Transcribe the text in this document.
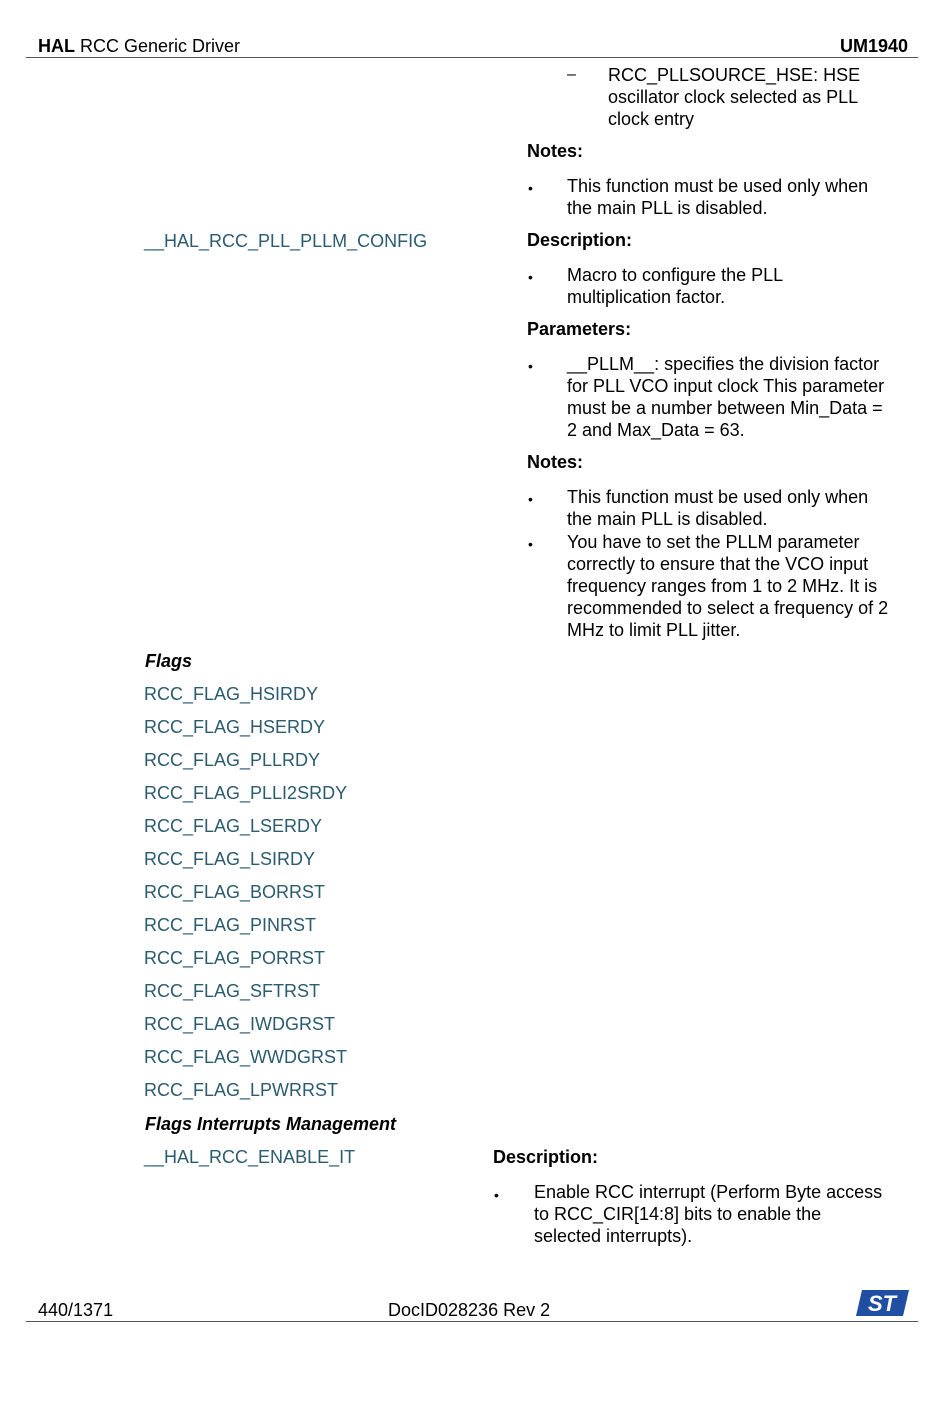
HAL RCC Generic Driver	UM1940
– RCC_PLLSOURCE_HSE: HSE
oscillator clock selected as PLL
clock entry
Notes:
• This function must be used only when
the main PLL is disabled.
__HAL_RCC_PLL_PLLM_CONFIG	Description:
• Macro to configure the PLL
multiplication factor.
Parameters:
• __PLLM__: specifies the division factor
for PLL VCO input clock This parameter
must be a number between Min_Data =
2 and Max_Data = 63.
Notes:
• This function must be used only when
the main PLL is disabled.
• You have to set the PLLM parameter
correctly to ensure that the VCO input
frequency ranges from 1 to 2 MHz. It is
recommended to select a frequency of 2
MHz to limit PLL jitter.
Flags
RCC_FLAG_HSIRDY
RCC_FLAG_HSERDY
RCC_FLAG_PLLRDY
RCC_FLAG_PLLI2SRDY
RCC_FLAG_LSERDY
RCC_FLAG_LSIRDY
RCC_FLAG_BORRST
RCC_FLAG_PINRST
RCC_FLAG_PORRST
RCC_FLAG_SFTRST
RCC_FLAG_IWDGRST
RCC_FLAG_WWDGRST
RCC_FLAG_LPWRRST
Flags Interrupts Management
__HAL_RCC_ENABLE_IT	Description:
• Enable RCC interrupt (Perform Byte access
to RCC_CIR[14:8] bits to enable the
selected interrupts).
440/1371	DocID028236 Rev 2	ST
